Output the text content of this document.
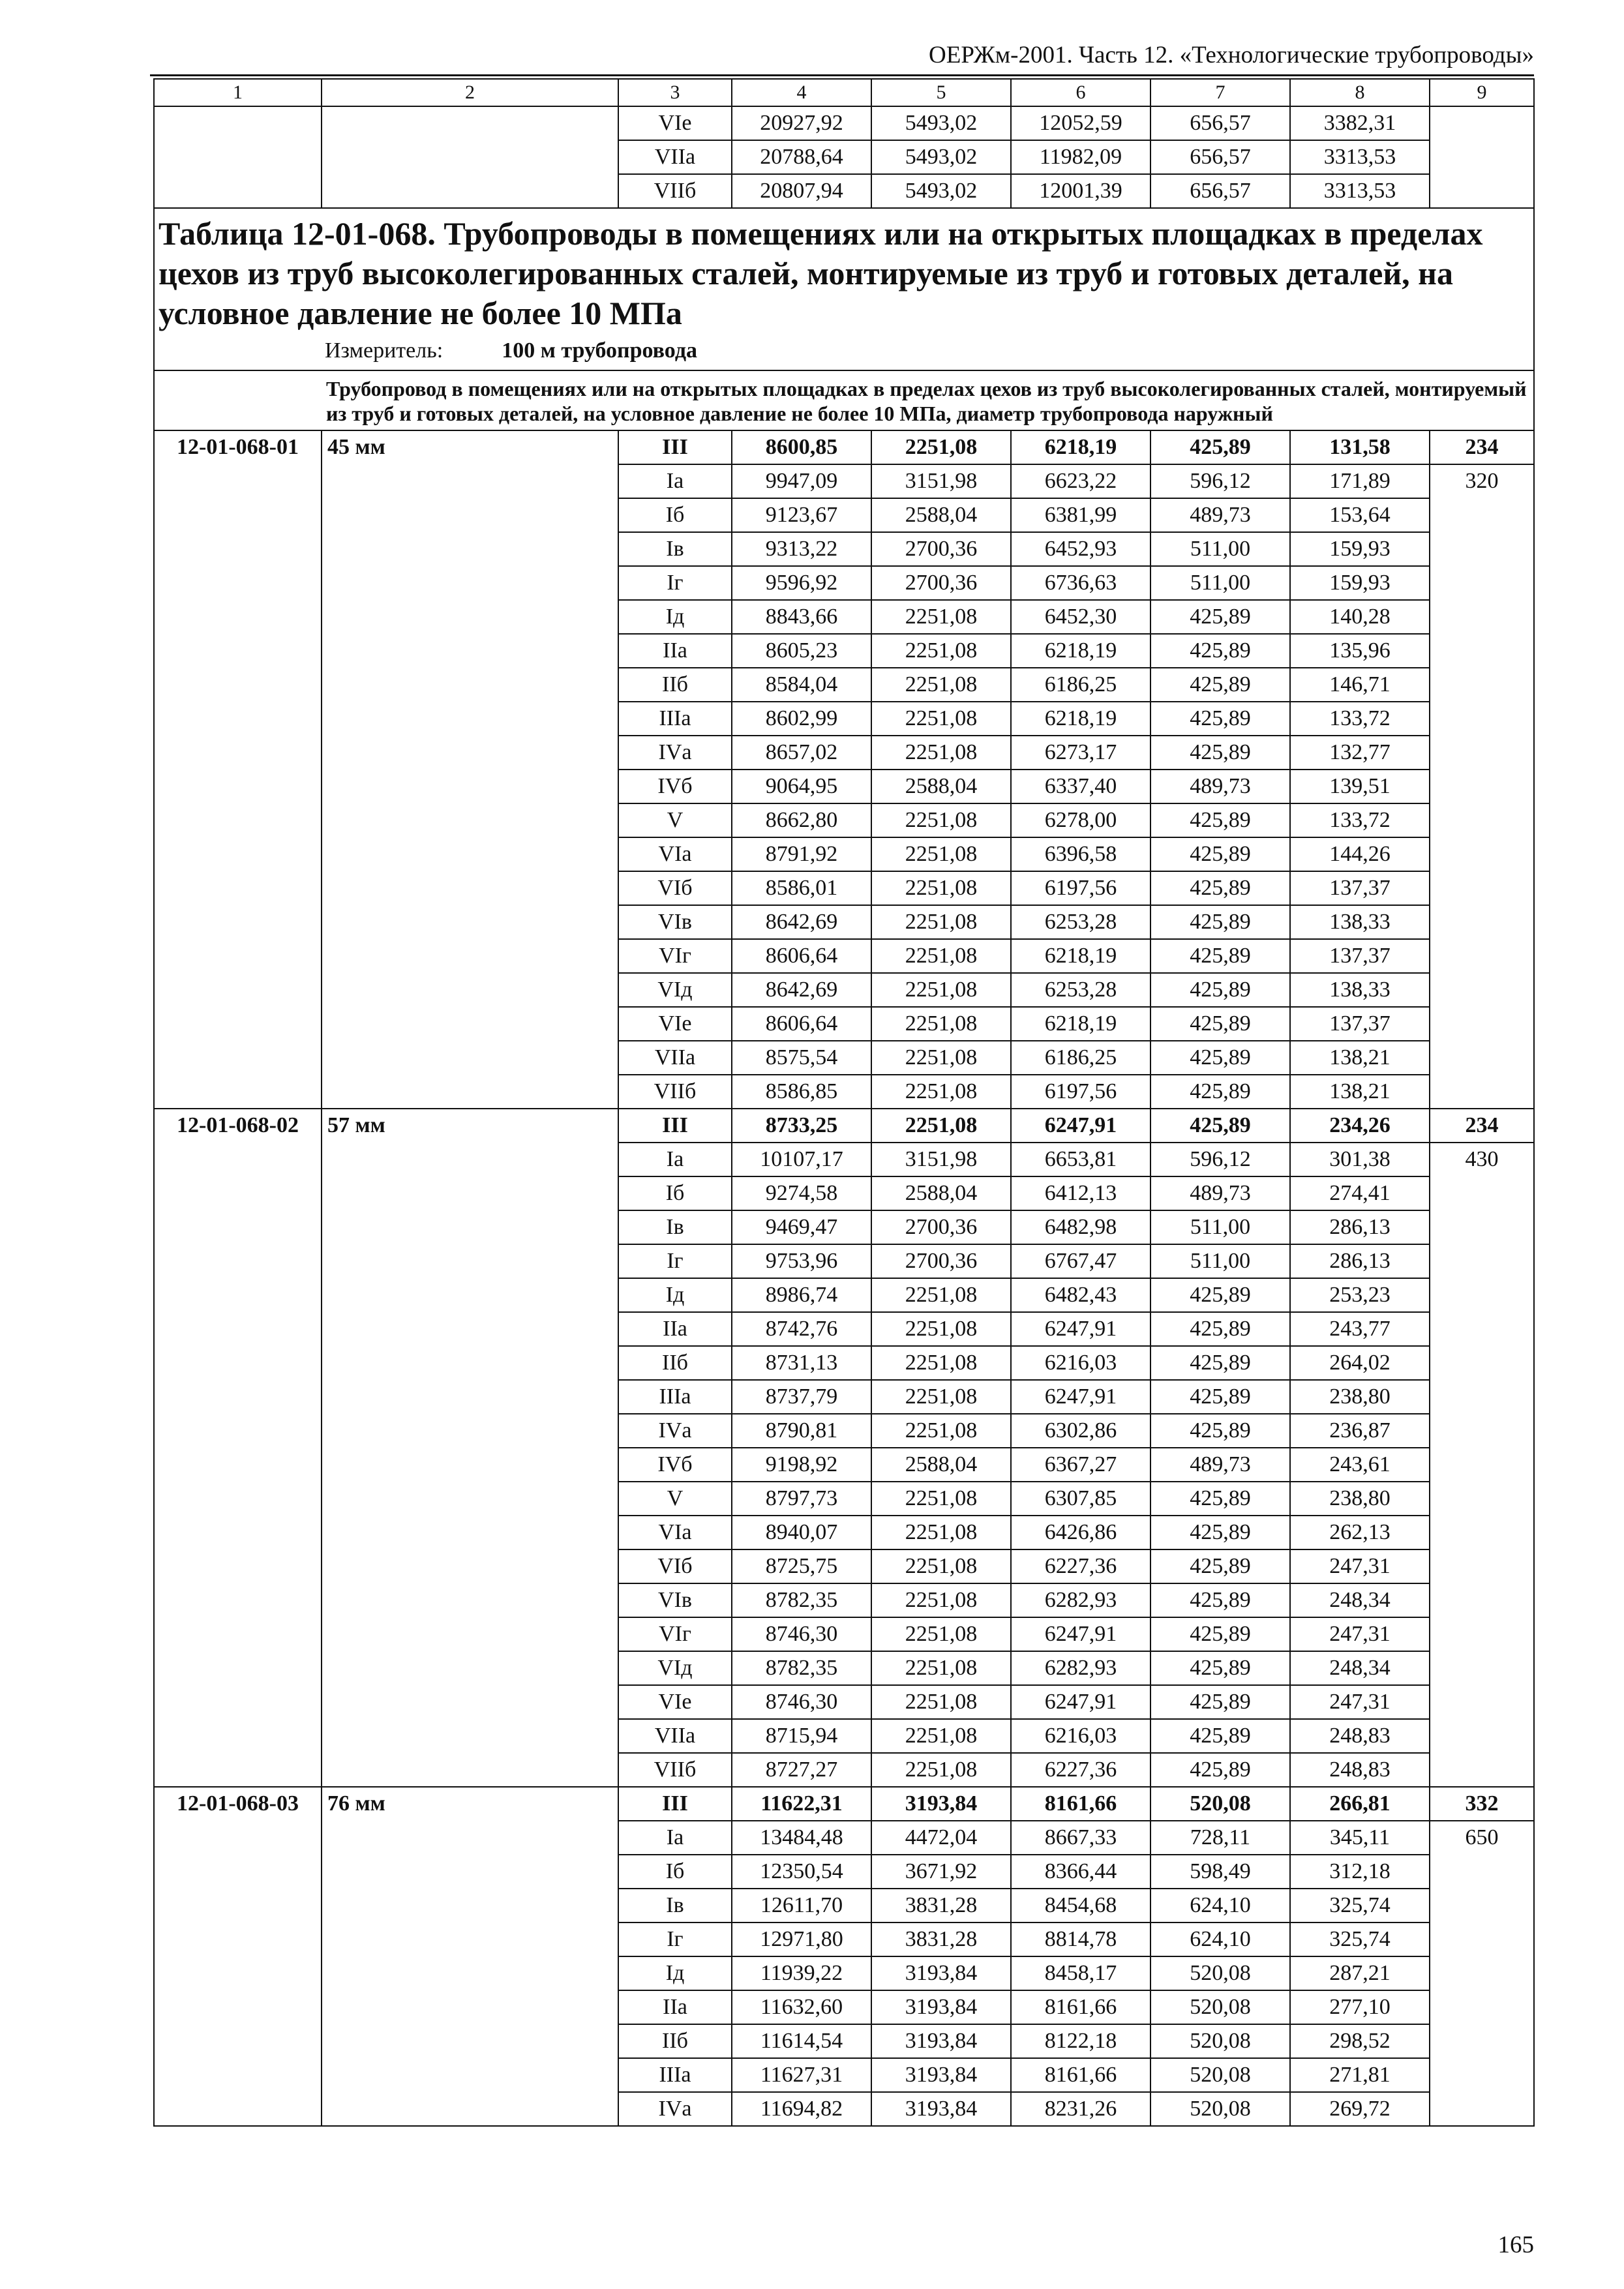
ОЕРЖм-2001. Часть 12. «Технологические трубопроводы»
1	2	3	4	5	6	7	8	9
		VIе	20927,92	5493,02	12052,59	656,57	3382,31	
		VIIа	20788,64	5493,02	11982,09	656,57	3313,53	
		VIIб	20807,94	5493,02	12001,39	656,57	3313,53	

Таблица 12-01-068. Трубопроводы в помещениях или на открытых площадках в пределах цехов из труб высоколегированных сталей, монтируемые из труб и готовых деталей, на условное давление не более 10 МПа
Измеритель: 100 м трубопровода								

Трубопровод в помещениях или на открытых площадках в пределах цехов из труб высоколегированных сталей, монтируемый из труб и готовых деталей, на условное давление не более 10 МПа, диаметр трубопровода наружный								
12-01-068-01	45 мм	III	8600,85	2251,08	6218,19	425,89	131,58	234
		Iа	9947,09	3151,98	6623,22	596,12	171,89	320
		Iб	9123,67	2588,04	6381,99	489,73	153,64	
		Iв	9313,22	2700,36	6452,93	511,00	159,93	
		Iг	9596,92	2700,36	6736,63	511,00	159,93	
		Iд	8843,66	2251,08	6452,30	425,89	140,28	
		IIа	8605,23	2251,08	6218,19	425,89	135,96	
		IIб	8584,04	2251,08	6186,25	425,89	146,71	
		IIIа	8602,99	2251,08	6218,19	425,89	133,72	
		IVа	8657,02	2251,08	6273,17	425,89	132,77	
		IVб	9064,95	2588,04	6337,40	489,73	139,51	
		V	8662,80	2251,08	6278,00	425,89	133,72	
		VIа	8791,92	2251,08	6396,58	425,89	144,26	
		VIб	8586,01	2251,08	6197,56	425,89	137,37	
		VIв	8642,69	2251,08	6253,28	425,89	138,33	
		VIг	8606,64	2251,08	6218,19	425,89	137,37	
		VIд	8642,69	2251,08	6253,28	425,89	138,33	
		VIе	8606,64	2251,08	6218,19	425,89	137,37	
		VIIа	8575,54	2251,08	6186,25	425,89	138,21	
		VIIб	8586,85	2251,08	6197,56	425,89	138,21	
12-01-068-02	57 мм	III	8733,25	2251,08	6247,91	425,89	234,26	234
		Iа	10107,17	3151,98	6653,81	596,12	301,38	430
		Iб	9274,58	2588,04	6412,13	489,73	274,41	
		Iв	9469,47	2700,36	6482,98	511,00	286,13	
		Iг	9753,96	2700,36	6767,47	511,00	286,13	
		Iд	8986,74	2251,08	6482,43	425,89	253,23	
		IIа	8742,76	2251,08	6247,91	425,89	243,77	
		IIб	8731,13	2251,08	6216,03	425,89	264,02	
		IIIа	8737,79	2251,08	6247,91	425,89	238,80	
		IVа	8790,81	2251,08	6302,86	425,89	236,87	
		IVб	9198,92	2588,04	6367,27	489,73	243,61	
		V	8797,73	2251,08	6307,85	425,89	238,80	
		VIа	8940,07	2251,08	6426,86	425,89	262,13	
		VIб	8725,75	2251,08	6227,36	425,89	247,31	
		VIв	8782,35	2251,08	6282,93	425,89	248,34	
		VIг	8746,30	2251,08	6247,91	425,89	247,31	
		VIд	8782,35	2251,08	6282,93	425,89	248,34	
		VIе	8746,30	2251,08	6247,91	425,89	247,31	
		VIIа	8715,94	2251,08	6216,03	425,89	248,83	
		VIIб	8727,27	2251,08	6227,36	425,89	248,83	
12-01-068-03	76 мм	III	11622,31	3193,84	8161,66	520,08	266,81	332
		Iа	13484,48	4472,04	8667,33	728,11	345,11	650
		Iб	12350,54	3671,92	8366,44	598,49	312,18	
		Iв	12611,70	3831,28	8454,68	624,10	325,74	
		Iг	12971,80	3831,28	8814,78	624,10	325,74	
		Iд	11939,22	3193,84	8458,17	520,08	287,21	
		IIа	11632,60	3193,84	8161,66	520,08	277,10	
		IIб	11614,54	3193,84	8122,18	520,08	298,52	
		IIIа	11627,31	3193,84	8161,66	520,08	271,81	
		IVа	11694,82	3193,84	8231,26	520,08	269,72	
165
